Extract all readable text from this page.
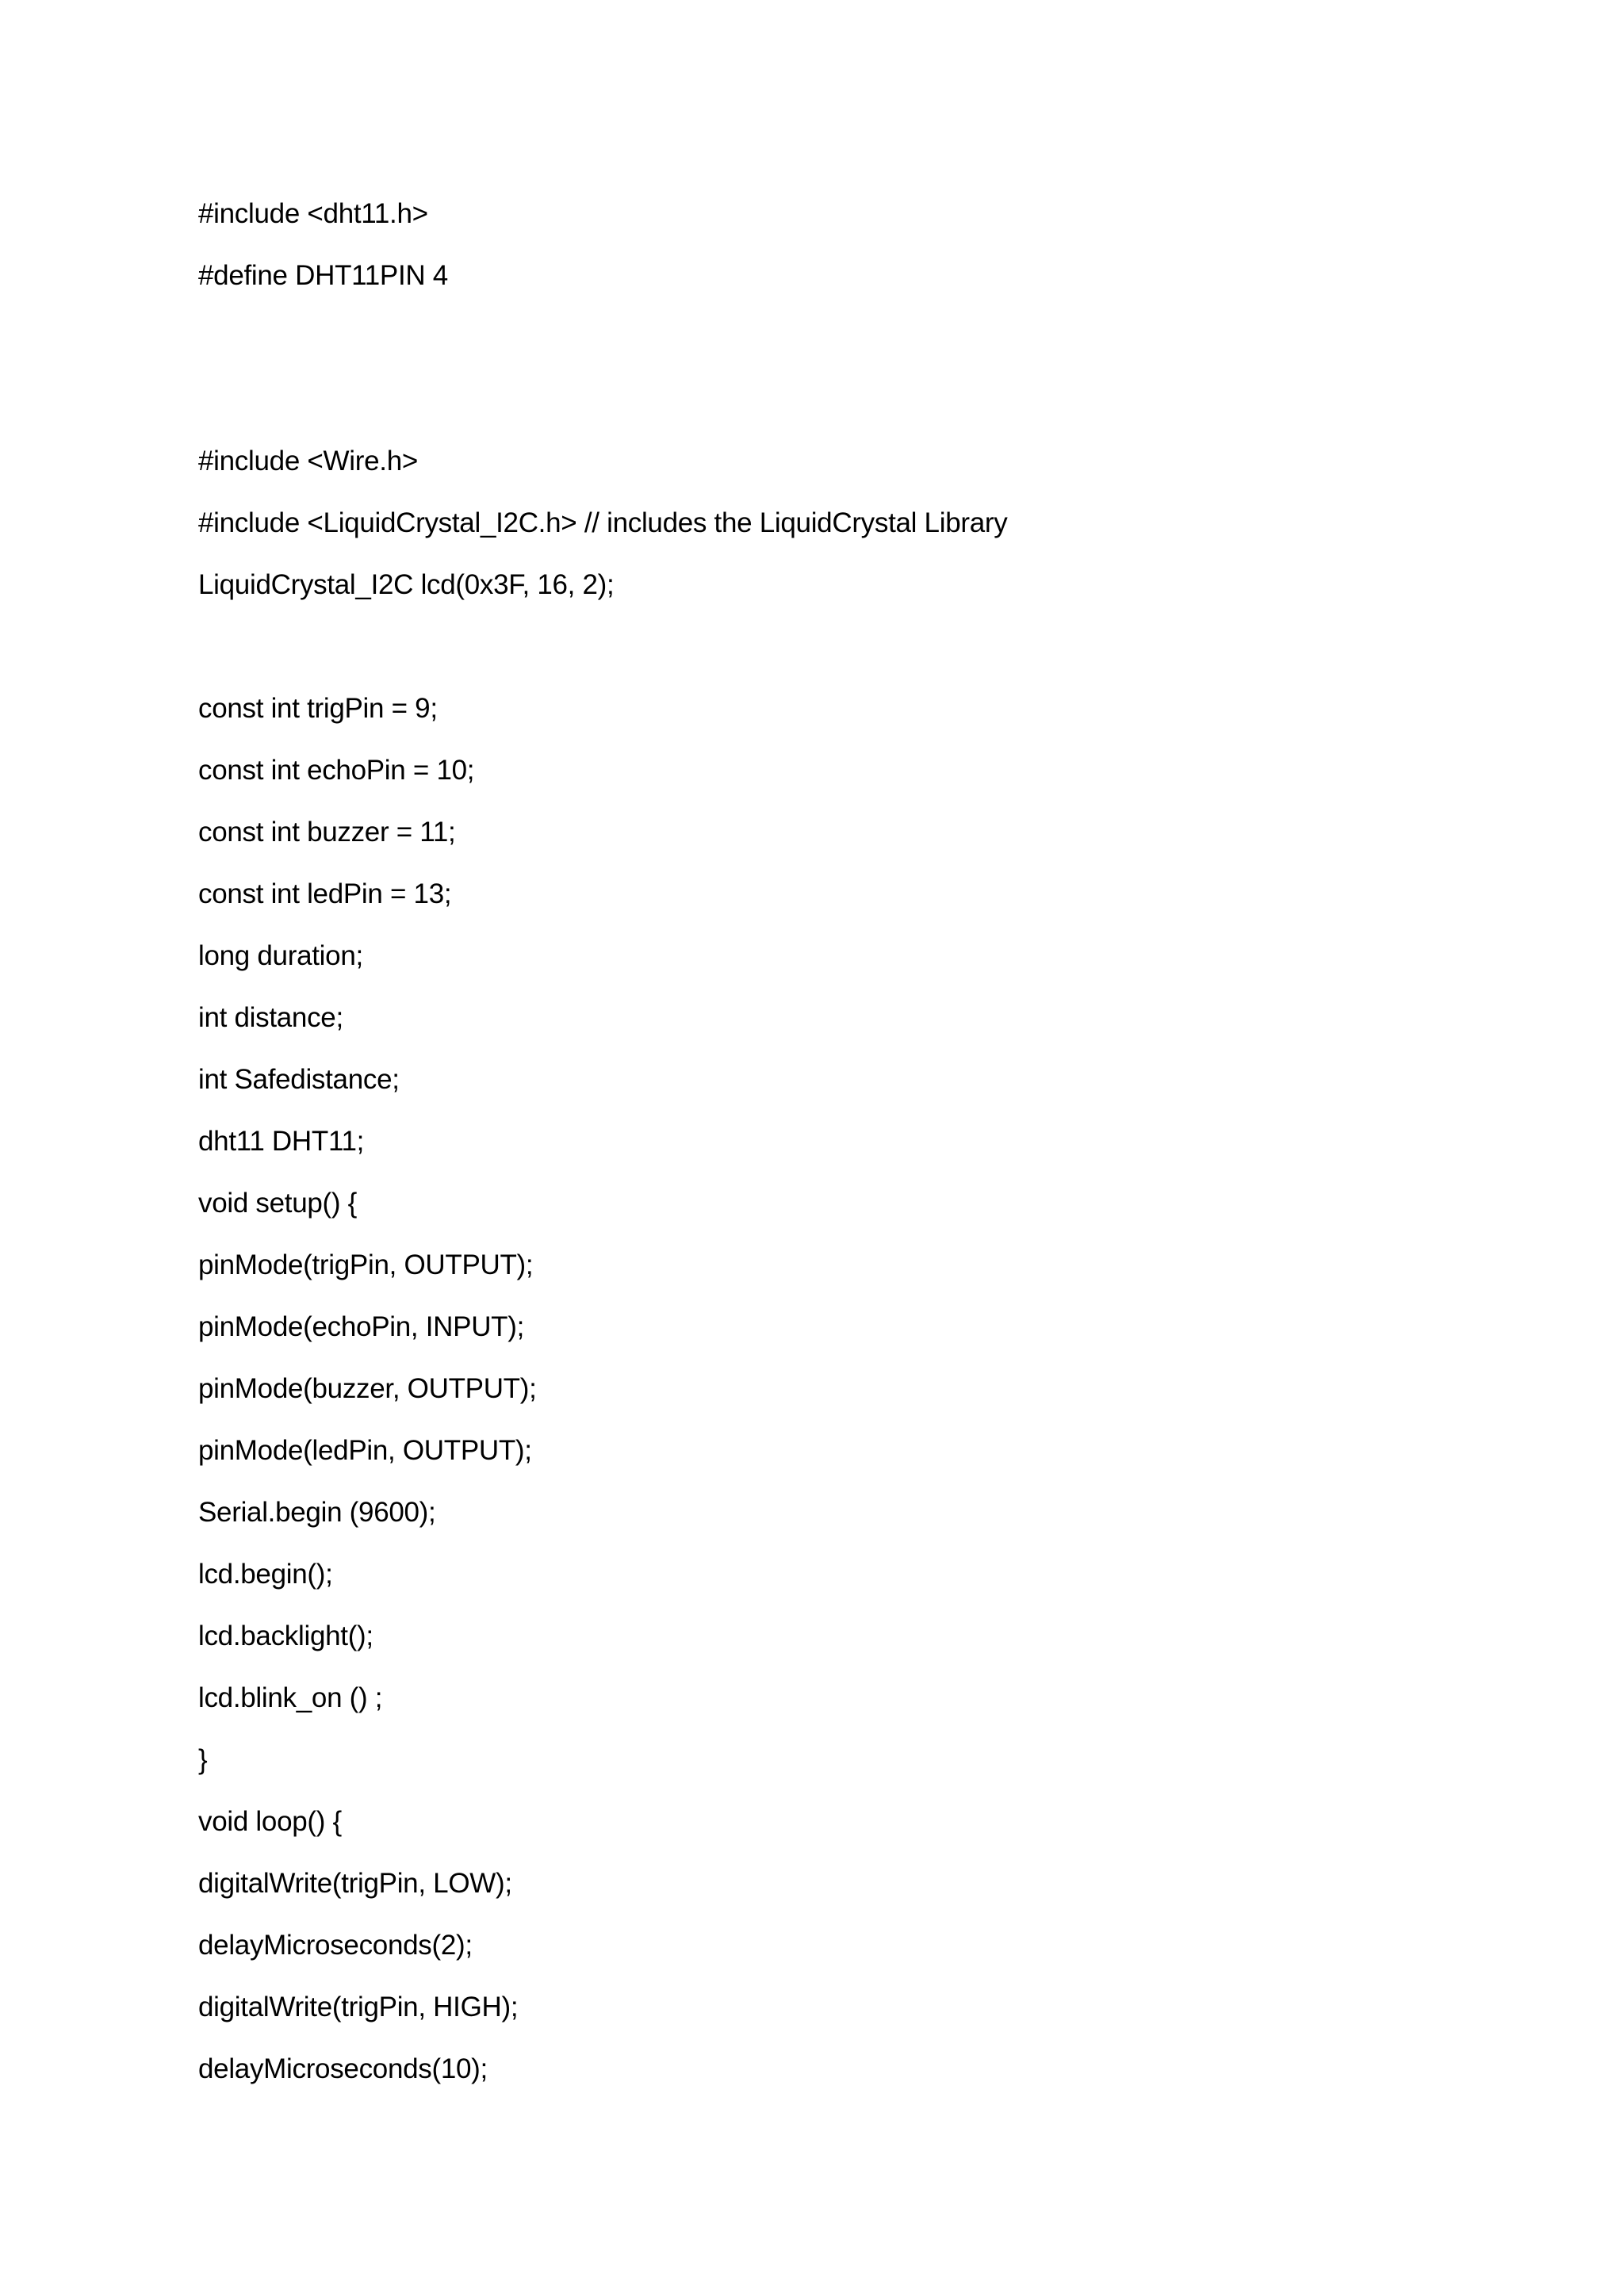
#include <dht11.h>
#define DHT11PIN 4
#include <Wire.h>
#include <LiquidCrystal_I2C.h> // includes the LiquidCrystal Library
LiquidCrystal_I2C lcd(0x3F, 16, 2);
const int trigPin = 9;
const int echoPin = 10;
const int buzzer = 11;
const int ledPin = 13;
long duration;
int distance;
int Safedistance;
dht11 DHT11;
void setup() {
pinMode(trigPin, OUTPUT);
pinMode(echoPin, INPUT);
pinMode(buzzer, OUTPUT);
pinMode(ledPin, OUTPUT);
Serial.begin (9600);
lcd.begin();
lcd.backlight();
lcd.blink_on () ;
}
void loop() {
digitalWrite(trigPin, LOW);
delayMicroseconds(2);
digitalWrite(trigPin, HIGH);
delayMicroseconds(10);
